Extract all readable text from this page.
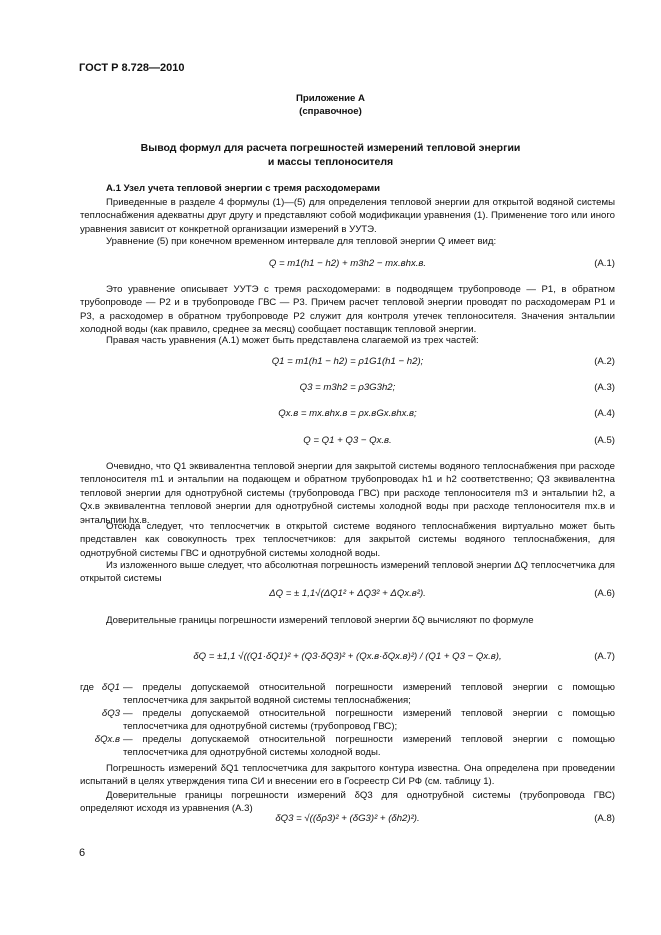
ГОСТ Р 8.728—2010
Приложение А
(справочное)
Вывод формул для расчета погрешностей измерений тепловой энергии
и массы теплоносителя
А.1 Узел учета тепловой энергии с тремя расходомерами
Приведенные в разделе 4 формулы (1)—(5) для определения тепловой энергии для открытой водяной системы теплоснабжения адекватны друг другу и представляют собой модификации уравнения (1). Применение того или иного уравнения зависит от конкретной организации измерений в УУТЭ.
Уравнение (5) при конечном временном интервале для тепловой энергии Q имеет вид:
Q = m1(h1 − h2) + m3h2 − mх.вhх.в.	(А.1)
Это уравнение описывает УУТЭ с тремя расходомерами: в подводящем трубопроводе — P1, в обратном трубопроводе — P2 и в трубопроводе ГВС — P3. Причем расчет тепловой энергии проводят по расходомерам P1 и P3, а расходомер в обратном трубопроводе P2 служит для контроля утечек теплоносителя. Значения энтальпии холодной воды (как правило, среднее за месяц) сообщает поставщик тепловой энергии.
Правая часть уравнения (А.1) может быть представлена слагаемой из трех частей:
Q1 = m1(h1 − h2) = ρ1G1(h1 − h2);	(А.2)
Q3 = m3h2 = ρ3G3h2;	(А.3)
Qх.в = mх.вhх.в = ρх.вGх.вhх.в;	(А.4)
Q = Q1 + Q3 − Qх.в.	(А.5)
Очевидно, что Q1 эквивалентна тепловой энергии для закрытой системы водяного теплоснабжения при расходе теплоносителя m1 и энтальпии на подающем и обратном трубопроводах h1 и h2 соответственно; Q3 эквивалентна тепловой энергии для однотрубной системы (трубопровода ГВС) при расходе теплоносителя m3 и энтальпии h2, a Qх.в эквивалентна тепловой энергии для однотрубной системы холодной воды при расходе теплоносителя mх.в и энтальпии hх.в.
Отсюда следует, что теплосчетчик в открытой системе водяного теплоснабжения виртуально может быть представлен как совокупность трех теплосчетчиков: для закрытой системы водяного теплоснабжения, для однотрубной системы ГВС и однотрубной системы холодной воды.
Из изложенного выше следует, что абсолютная погрешность измерений тепловой энергии ΔQ теплосчетчика для открытой системы
ΔQ = ± 1,1√(ΔQ1² + ΔQ3² + ΔQх.в²).	(А.6)
Доверительные границы погрешности измерений тепловой энергии δQ вычисляют по формуле
δQ = ±1,1 √((Q1·δQ1)² + (Q3·δQ3)² + (Qх.в·δQх.в)²) / (Q1 + Q3 − Qх.в),	(А.7)
где δQ1 — пределы допускаемой относительной погрешности измерений тепловой энергии с помощью теплосчетчика для закрытой водяной системы теплоснабжения;
δQ3 — пределы допускаемой относительной погрешности измерений тепловой энергии с помощью теплосчетчика для однотрубной системы (трубопровод ГВС);
δQх.в — пределы допускаемой относительной погрешности измерений тепловой энергии с помощью теплосчетчика для однотрубной системы холодной воды.
Погрешность измерений δQ1 теплосчетчика для закрытого контура известна. Она определена при проведении испытаний в целях утверждения типа СИ и внесении его в Госреестр СИ РФ (см. таблицу 1).
Доверительные границы погрешности измерений δQ3 для однотрубной системы (трубопровода ГВС) определяют исходя из уравнения (А.3)
δQ3 = √((δρ3)² + (δG3)² + (δh2)²).	(А.8)
6
